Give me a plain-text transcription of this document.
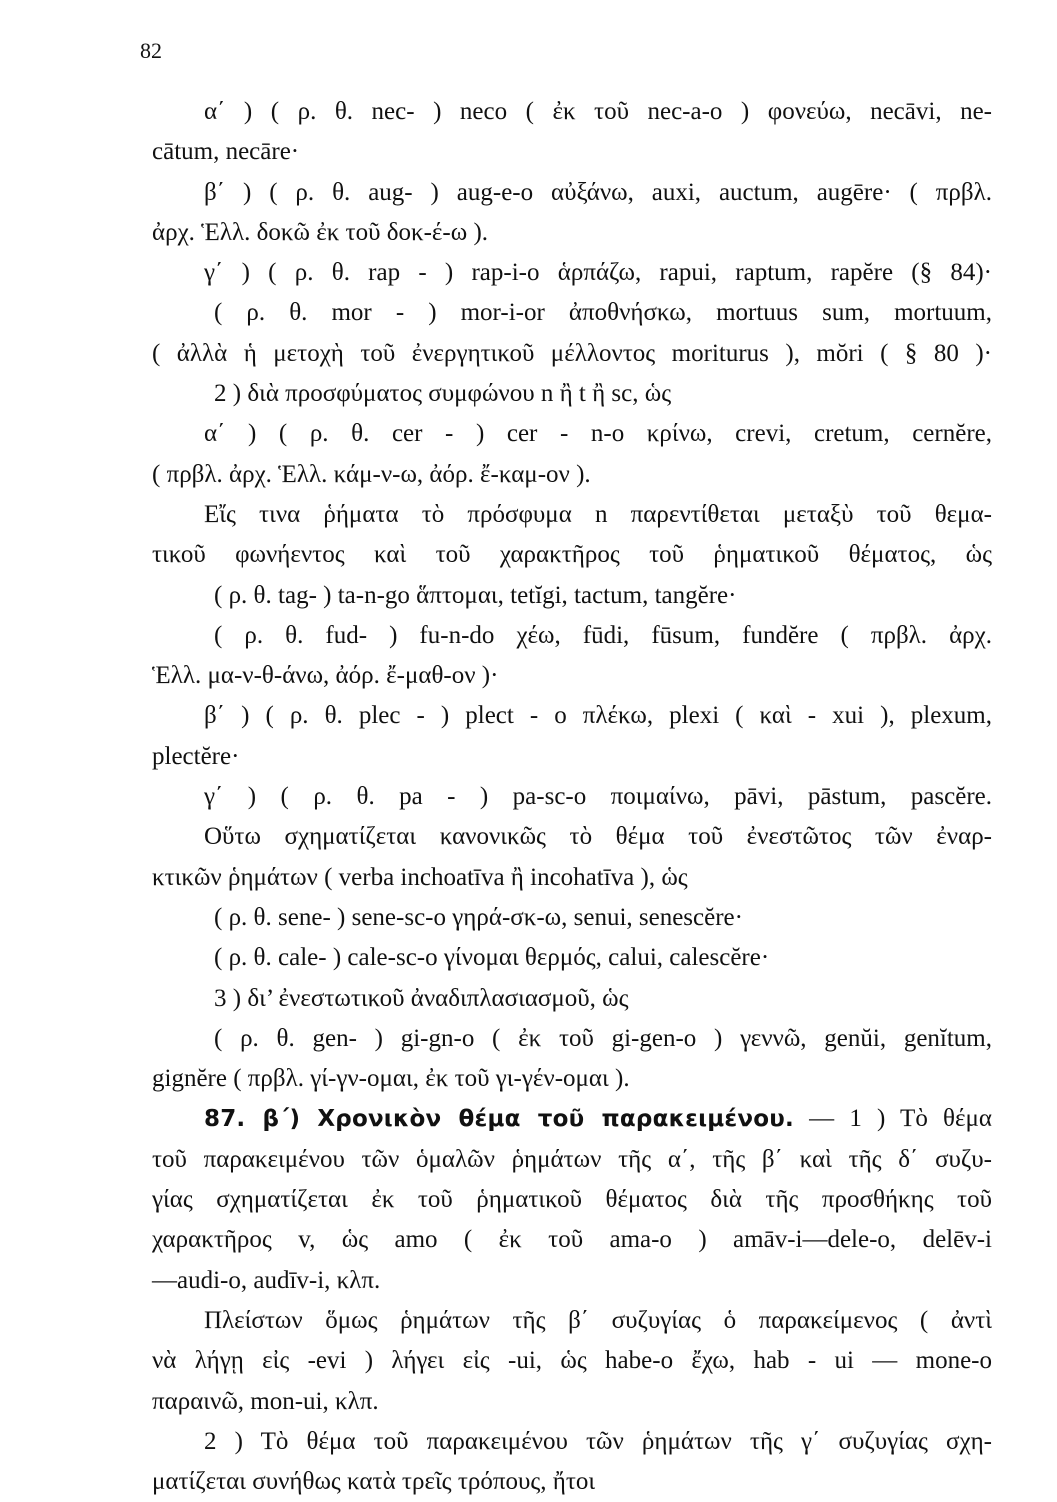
82
α΄ ) ( ρ. θ. nec- ) neco ( ἐκ τοῦ nec-a-o ) φονεύω, necāvi, ne-
cātum, necāre·
β΄ ) ( ρ. θ. aug- ) aug-e-o αὐξάνω, auxi, auctum, augēre· ( πρβλ.
ἀρχ. Ἑλλ. δοκῶ ἐκ τοῦ δοκ-έ-ω ).
γ΄ ) ( ρ. θ. rap - ) rap-i-o ἁρπάζω, rapui, raptum, rapĕre (§ 84)·
( ρ. θ. mor - ) mor-i-or ἀποθνήσκω, mortuus sum, mortuum,
( ἀλλὰ ἡ μετοχὴ τοῦ ἐνεργητικοῦ μέλλοντος moriturus ), mŏri ( § 80 )·
2 ) διὰ προσφύματος συμφώνου n ἢ t ἢ sc, ὡς
α΄ ) ( ρ. θ. cer - ) cer - n-o κρίνω, crevi, cretum, cernĕre,
( πρβλ. ἀρχ. Ἑλλ. κάμ-ν-ω, ἀόρ. ἔ-καμ-ον ).
Εἴς τινα ῥήματα τὸ πρόσφυμα n παρεντίθεται μεταξὺ τοῦ θεμα-
τικοῦ φωνήεντος καὶ τοῦ χαρακτῆρος τοῦ ῥηματικοῦ θέματος, ὡς
( ρ. θ. tag- ) ta-n-go ἅπτομαι, tetĭgi, tactum, tangĕre·
( ρ. θ. fud- ) fu-n-do χέω, fūdi, fūsum, fundĕre ( πρβλ. ἀρχ.
Ἑλλ. μα-ν-θ-άνω, ἀόρ. ἔ-μαθ-ον )·
β΄ ) ( ρ. θ. plec - ) plect - o πλέκω, plexi ( καὶ - xui ), plexum,
plectĕre·
γ΄ ) ( ρ. θ. pa - ) pa-sc-o ποιμαίνω, pāvi, pāstum, pascĕre.
Οὕτω σχηματίζεται κανονικῶς τὸ θέμα τοῦ ἐνεστῶτος τῶν ἐναρ-
κτικῶν ῥημάτων ( verba inchoatīva ἢ incohatīva ), ὡς
( ρ. θ. sene- ) sene-sc-o γηρά-σκ-ω, senui, senescĕre·
( ρ. θ. cale- ) cale-sc-o γίνομαι θερμός, calui, calescĕre·
3 ) δι’ ἐνεστωτικοῦ ἀναδιπλασιασμοῦ, ὡς
( ρ. θ. gen- ) gi-gn-o ( ἐκ τοῦ gi-gen-o ) γεννῶ, genŭi, genĭtum,
gignĕre ( πρβλ. γί-γν-ομαι, ἐκ τοῦ γι-γέν-ομαι ).
87. β΄) Χρονικὸν θέμα τοῦ παρακειμένου. — 1 ) Τὸ θέμα
τοῦ παρακειμένου τῶν ὁμαλῶν ῥημάτων τῆς α΄, τῆς β΄ καὶ τῆς δ΄ συζυ-
γίας σχηματίζεται ἐκ τοῦ ῥηματικοῦ θέματος διὰ τῆς προσθήκης τοῦ
χαρακτῆρος v, ὡς amo ( ἐκ τοῦ ama-o ) amāv-i—dele-o, delēv-i
—audi-o, audīv-i, κλπ.
Πλείστων ὅμως ῥημάτων τῆς β΄ συζυγίας ὁ παρακείμενος ( ἀντὶ
νὰ λήγῃ εἰς -evi ) λήγει εἰς -ui, ὡς habe-o ἔχω, hab - ui — mone-o
παραινῶ, mon-ui, κλπ.
2 ) Τὸ θέμα τοῦ παρακειμένου τῶν ῥημάτων τῆς γ΄ συζυγίας σχη-
ματίζεται συνήθως κατὰ τρεῖς τρόπους, ἤτοι
